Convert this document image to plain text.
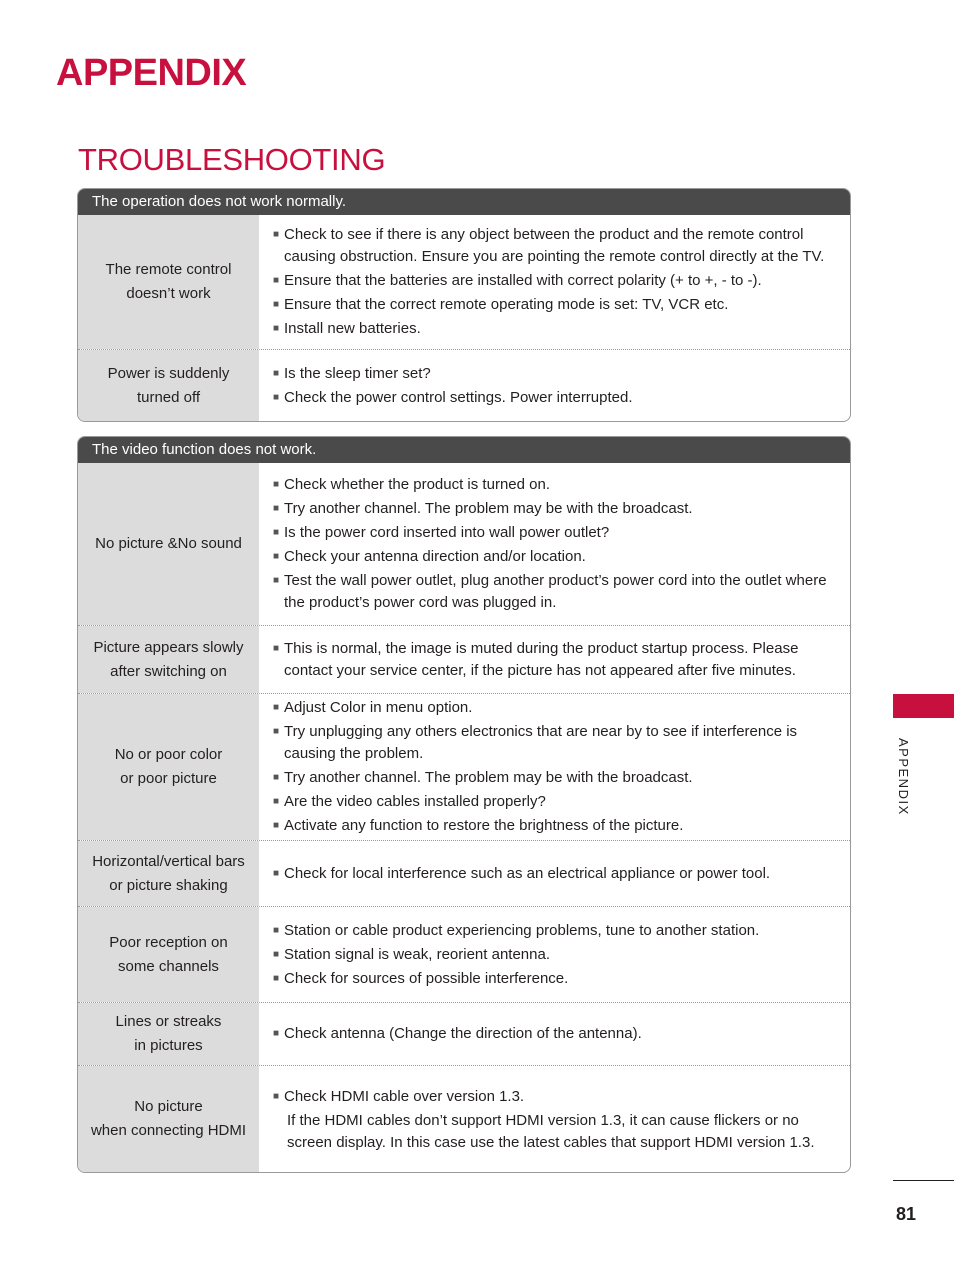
APPENDIX
TROUBLESHOOTING
The operation does not work normally.
The remote control
doesn’t work
■ Check to see if there is any object between the product and the remote control causing obstruction. Ensure you are pointing the remote control directly at the TV.
■ Ensure that the batteries are installed with correct polarity (+ to +, - to -).
■ Ensure that the correct remote operating mode is set: TV, VCR etc.
■ Install new batteries.
Power is suddenly
turned off
■ Is the sleep timer set?
■ Check the power control settings. Power interrupted.
The video function does not work.
No picture &No sound
■ Check whether the product is turned on.
■ Try another channel. The problem may be with the broadcast.
■ Is the power cord inserted into wall power outlet?
■ Check your antenna direction and/or location.
■ Test the wall power outlet, plug another product’s power cord into the outlet where the product’s power cord was plugged in.
Picture appears slowly
after switching on
■ This is normal, the image is muted during the product startup process. Please contact your service center, if the picture has not appeared after five minutes.
No or poor color
or poor picture
■ Adjust Color in menu option.
■ Try unplugging any others electronics that are near by to see if interference is causing the problem.
■ Try another channel. The problem may be with the broadcast.
■ Are the video cables installed properly?
■ Activate any function to restore the brightness of the picture.
Horizontal/vertical bars
or picture shaking
■ Check for local interference such as an electrical appliance or power tool.
Poor reception on
some channels
■ Station or cable product experiencing problems, tune to another station.
■ Station signal is weak, reorient antenna.
■ Check for sources of possible interference.
Lines or streaks
in pictures
■ Check antenna (Change the direction of the antenna).
No picture
when connecting HDMI
■ Check HDMI cable over version 1.3.
If the HDMI cables don’t support HDMI version 1.3, it can cause flickers or no screen display. In this case use the latest cables that support HDMI version 1.3.
APPENDIX
81
